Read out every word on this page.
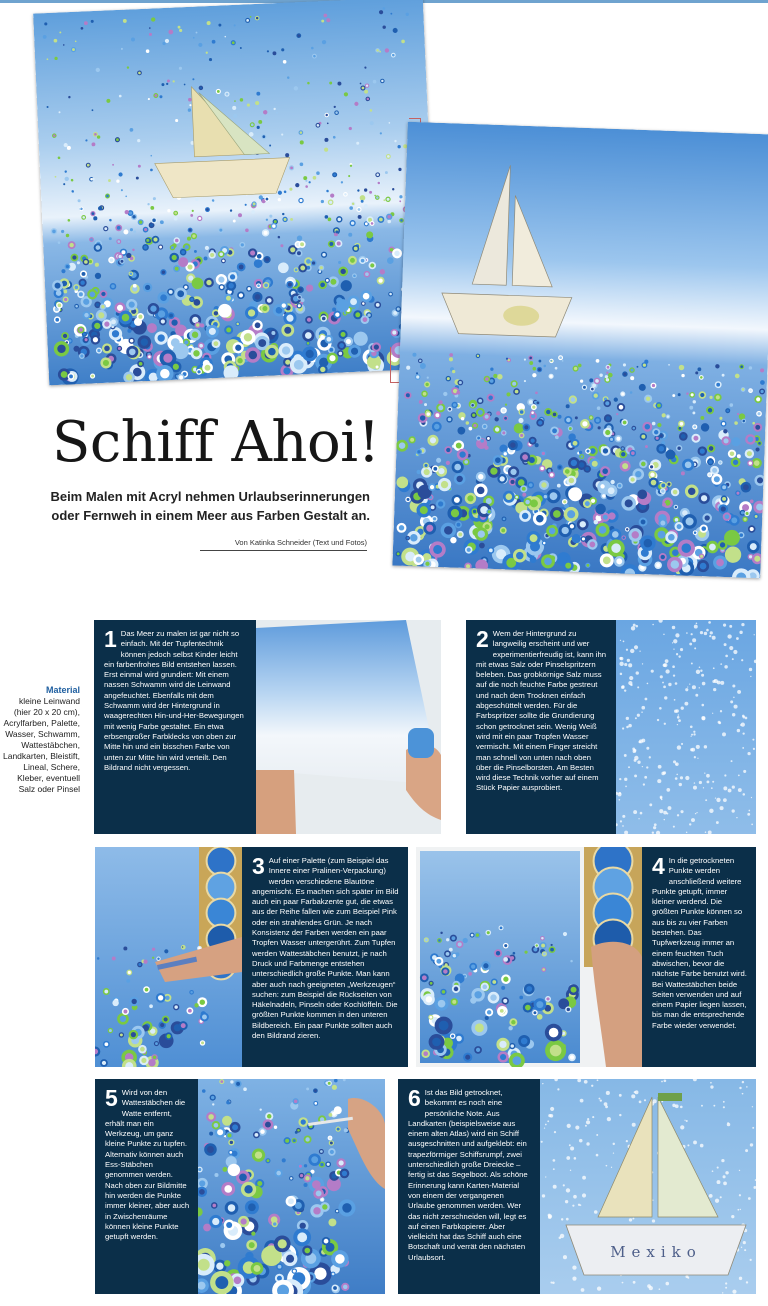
Schiff Ahoi!
Beim Malen mit Acryl nehmen Urlaubserinnerungen oder Fernweh in einem Meer aus Farben Gestalt an.
Von Katinka Schneider (Text und Fotos)
Material
kleine Leinwand (hier 20 x 20 cm), Acrylfarben, Palette, Wasser, Schwamm, Wattestäbchen, Landkarten, Bleistift, Lineal, Schere, Kleber, eventuell Salz oder Pinsel
1 Das Meer zu malen ist gar nicht so einfach. Mit der Tupfentechnik können jedoch selbst Kinder leicht ein farbenfrohes Bild entstehen lassen. Erst einmal wird grundiert: Mit einem nassen Schwamm wird die Leinwand angefeuchtet. Ebenfalls mit dem Schwamm wird der Hintergrund in waagerechten Hin-und-Her-Bewegungen mit wenig Farbe gestaltet. Ein etwa erbsengroßer Farbklecks von oben zur Mitte hin und ein bisschen Farbe von unten zur Mitte hin wird verteilt. Den Bildrand nicht vergessen.
2 Wem der Hintergrund zu langweilig erscheint und wer experimentierfreudig ist, kann ihn mit etwas Salz oder Pinselspritzern beleben. Das grobkörnige Salz muss auf die noch feuchte Farbe gestreut und nach dem Trocknen einfach abgeschüttelt werden. Für die Farbspritzer sollte die Grundierung schon getrocknet sein. Wenig Weiß wird mit ein paar Tropfen Wasser vermischt. Mit einem Finger streicht man schnell von unten nach oben über die Pinselborsten. Am Besten wird diese Technik vorher auf einem Stück Papier ausprobiert.
3 Auf einer Palette (zum Beispiel das Innere einer Pralinen-Verpackung) werden verschiedene Blautöne angemischt. Es machen sich später im Bild auch ein paar Farbakzente gut, die etwas aus der Reihe fallen wie zum Beispiel Pink oder ein strahlendes Grün. Je nach Konsistenz der Farben werden ein paar Tropfen Wasser untergerührt. Zum Tupfen werden Wattestäbchen benutzt, je nach Druck und Farbmenge entstehen unterschiedlich große Punkte. Man kann aber auch nach geeigneten „Werkzeugen“ suchen: zum Beispiel die Rückseiten von Häkelnadeln, Pinseln oder Kochlöffeln. Die größten Punkte kommen in den unteren Bildbereich. Ein paar Punkte sollten auch den Bildrand zieren.
4 In die getrockneten Punkte werden anschließend weitere Punkte getupft, immer kleiner werdend. Die größten Punkte können so aus bis zu vier Farben bestehen. Das Tupfwerkzeug immer an einem feuchten Tuch abwischen, bevor die nächste Farbe benutzt wird. Bei Wattestäbchen beide Seiten verwenden und auf einem Papier liegen lassen, bis man die entsprechende Farbe wieder verwendet.
5 Wird von den Wattestäbchen die Watte entfernt, erhält man ein Werkzeug, um ganz kleine Punkte zu tupfen. Alternativ können auch Ess-Stäbchen genommen werden. Nach oben zur Bildmitte hin werden die Punkte immer kleiner, aber auch in Zwischenräume können kleine Punkte getupft werden.
6 Ist das Bild getrocknet, bekommt es noch eine persönliche Note. Aus Landkarten (beispielsweise aus einem alten Atlas) wird ein Schiff ausgeschnitten und aufgeklebt: ein trapezförmiger Schiffsrumpf, zwei unterschiedlich große Dreiecke – fertig ist das Segelboot. Als schöne Erinnerung kann Karten-Material von einem der vergangenen Urlaube genommen werden. Wer das nicht zerschneiden will, legt es auf einen Farbkopierer. Aber vielleicht hat das Schiff auch eine Botschaft und verrät den nächsten Urlaubsort.	Mexiko
